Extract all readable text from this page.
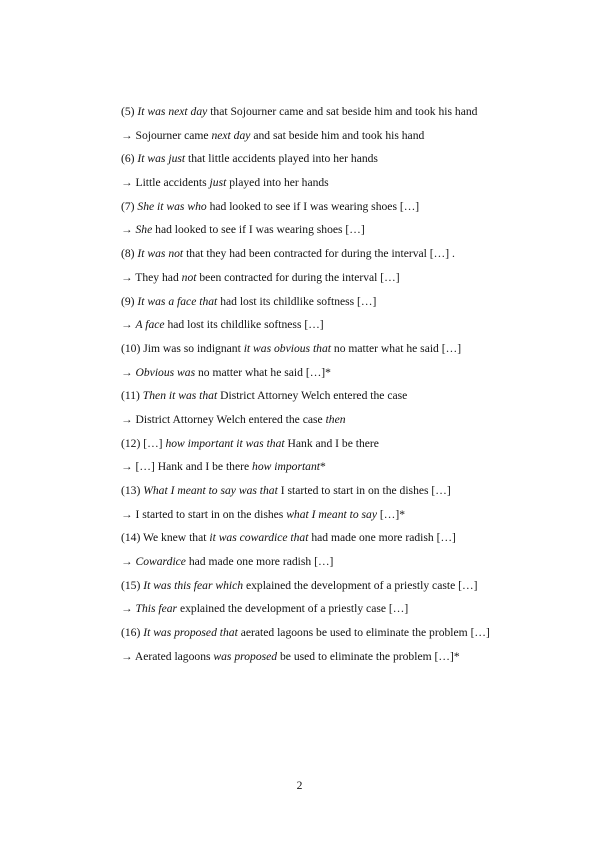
(5) It was next day that Sojourner came and sat beside him and took his hand
→ Sojourner came next day and sat beside him and took his hand
(6) It was just that little accidents played into her hands
→ Little accidents just played into her hands
(7) She it was who had looked to see if I was wearing shoes […]
→ She had looked to see if I was wearing shoes […]
(8) It was not that they had been contracted for during the interval […] .
→ They had not been contracted for during the interval […]
(9) It was a face that had lost its childlike softness […]
→ A face had lost its childlike softness […]
(10) Jim was so indignant it was obvious that no matter what he said […]
→ Obvious was no matter what he said […]*
(11) Then it was that District Attorney Welch entered the case
→ District Attorney Welch entered the case then
(12) […] how important it was that Hank and I be there
→ […] Hank and I be there how important*
(13) What I meant to say was that I started to start in on the dishes […]
→ I started to start in on the dishes what I meant to say […]*
(14) We knew that it was cowardice that had made one more radish […]
→ Cowardice had made one more radish […]
(15) It was this fear which explained the development of a priestly caste […]
→ This fear explained the development of a priestly case […]
(16) It was proposed that aerated lagoons be used to eliminate the problem […]
→ Aerated lagoons was proposed be used to eliminate the problem […]*
2
